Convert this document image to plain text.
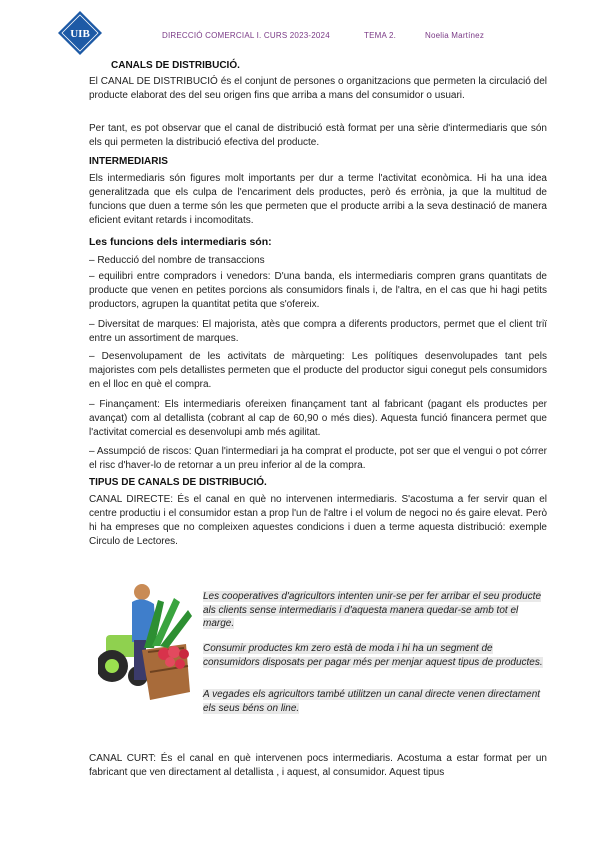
UIB	DIRECCIÓ COMERCIAL I. CURS 2023-2024	TEMA 2.	Noelia Martínez
CANALS DE DISTRIBUCIÓ.
El CANAL DE DISTRIBUCIÓ és el conjunt de persones o organitzacions que permeten la circulació del producte elaborat des del seu origen fins que arriba a mans del consumidor o usuari.
Per tant, es pot observar que el canal de distribució està format per una sèrie d'intermediaris que són els qui permeten la distribució efectiva del producte.
INTERMEDIARIS
Els intermediaris són figures molt importants per dur a terme l'activitat econòmica. Hi ha una idea generalitzada que els culpa de l'encariment dels productes, però és errònia, ja que la multitud de funcions que duen a terme són les que permeten que el producte arribi a la seva destinació de manera eficient evitant retards i incomoditats.
Les funcions dels intermediaris són:
– Reducció del nombre de transaccions
– equilibri entre compradors i venedors: D'una banda, els intermediaris compren grans quantitats de producte que venen en petites porcions als consumidors finals i, de l'altra, en el cas que hi hagi petits productors, agrupen la quantitat petita que s'ofereix.
– Diversitat de marques: El majorista, atès que compra a diferents productors, permet que el client triï entre un assortiment de marques.
– Desenvolupament de les activitats de màrqueting: Les polítiques desenvolupades tant pels majoristes com pels detallistes permeten que el producte del productor sigui conegut pels consumidors en el lloc en què el compra.
– Finançament: Els intermediaris ofereixen finançament tant al fabricant (pagant els productes per avançat) com al detallista (cobrant al cap de 60,90 o més dies). Aquesta funció financera permet que l'activitat comercial es desenvolupi amb més agilitat.
– Assumpció de riscos: Quan l'intermediari ja ha comprat el producte, pot ser que el vengui o pot córrer el risc d'haver-lo de retornar a un preu inferior al de la compra.
TIPUS DE CANALS DE DISTRIBUCIÓ.
CANAL DIRECTE: És el canal en què no intervenen intermediaris. S'acostuma a fer servir quan el centre productiu i el consumidor estan a prop l'un de l'altre i el volum de negoci no és gaire elevat. Però hi ha empreses que no compleixen aquestes condicions i duen a terme aquesta distribució: exemple Circulo de Lectores.
Les cooperatives d'agricultors intenten unir-se per fer arribar el seu producte als clients sense intermediaris i d'aquesta manera quedar-se amb tot el marge.
Consumir productes km zero està de moda i hi ha un segment de consumidors disposats per pagar més per menjar aquest tipus de productes.
A vegades els agricultors també utilitzen un canal directe venen directament els seus béns on line.
CANAL CURT: És el canal en què intervenen pocs intermediaris. Acostuma a estar format per un fabricant que ven directament al detallista , i aquest, al consumidor. Aquest tipus
